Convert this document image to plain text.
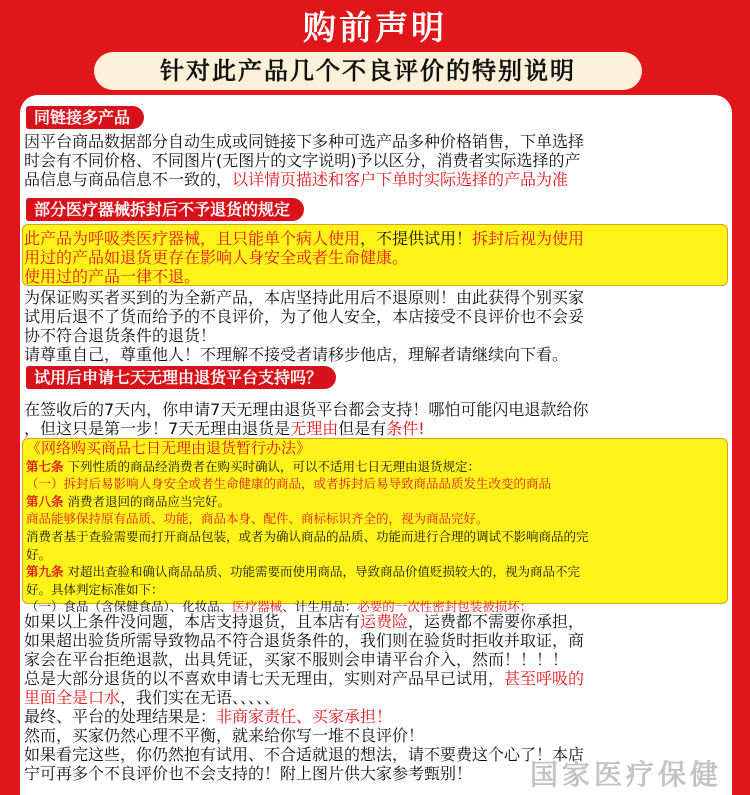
购前声明
针对此产品几个不良评价的特别说明
同链接多产品
因平台商品数据部分自动生成或同链接下多种可选产品多种价格销售，下单选择
时会有不同价格、不同图片(无图片的文字说明)予以区分，消费者实际选择的产
品信息与商品信息不一致的，以详情页描述和客户下单时实际选择的产品为准
部分医疗器械拆封后不予退货的规定
此产品为呼吸类医疗器械，且只能单个病人使用，不提供试用！拆封后视为使用
用过的产品如退货更存在影响人身安全或者生命健康。
使用过的产品一律不退。
为保证购买者买到的为全新产品，本店坚持此用后不退原则！由此获得个别买家
试用后退不了货而给予的不良评价，为了他人安全，本店接受不良评价也不会妥
协不符合退货条件的退货！
请尊重自己，尊重他人！不理解不接受者请移步他店，理解者请继续向下看。
试用后申请七天无理由退货平台支持吗？
在签收后的7天内，你申请7天无理由退货平台都会支持！哪怕可能闪电退款给你
，但这只是第一步！7天无理由退货是无理由但是有条件!
《网络购买商品七日无理由退货暂行办法》
第七条 下列性质的商品经消费者在购买时确认，可以不适用七日无理由退货规定：
（一）拆封后易影响人身安全或者生命健康的商品，或者拆封后易导致商品品质发生改变的商品
第八条 消费者退回的商品应当完好。
商品能够保持原有品质、功能，商品本身、配件、商标标识齐全的，视为商品完好。
消费者基于查验需要而打开商品包装，或者为确认商品的品质、功能而进行合理的调试不影响商品的完
好。
第九条 对超出查验和确认商品品质、功能需要而使用商品，导致商品价值贬损较大的，视为商品不完
好。具体判定标准如下：
（一）食品（含保健食品）、化妆品、医疗器械、计生用品：必要的一次性密封包装被损坏；
如果以上条件没问题，本店支持退货，且本店有运费险，运费都不需要你承担，
如果超出验货所需导致物品不符合退货条件的，我们则在验货时拒收并取证，商
家会在平台拒绝退款，出具凭证，买家不服则会申请平台介入，然而！！！！
总是大部分退货的以不喜欢申请七天无理由，实则对产品早已试用，甚至呼吸的
里面全是口水，我们实在无语、、、、、
最终、平台的处理结果是：非商家责任、买家承担！
然而，买家仍然心理不平衡，就来给你写一堆不良评价！
如果看完这些，你仍然抱有试用、不合适就退的想法，请不要费这个心了！本店
宁可再多个不良评价也不会支持的！附上图片供大家参考甄别！	国家医疗保健
